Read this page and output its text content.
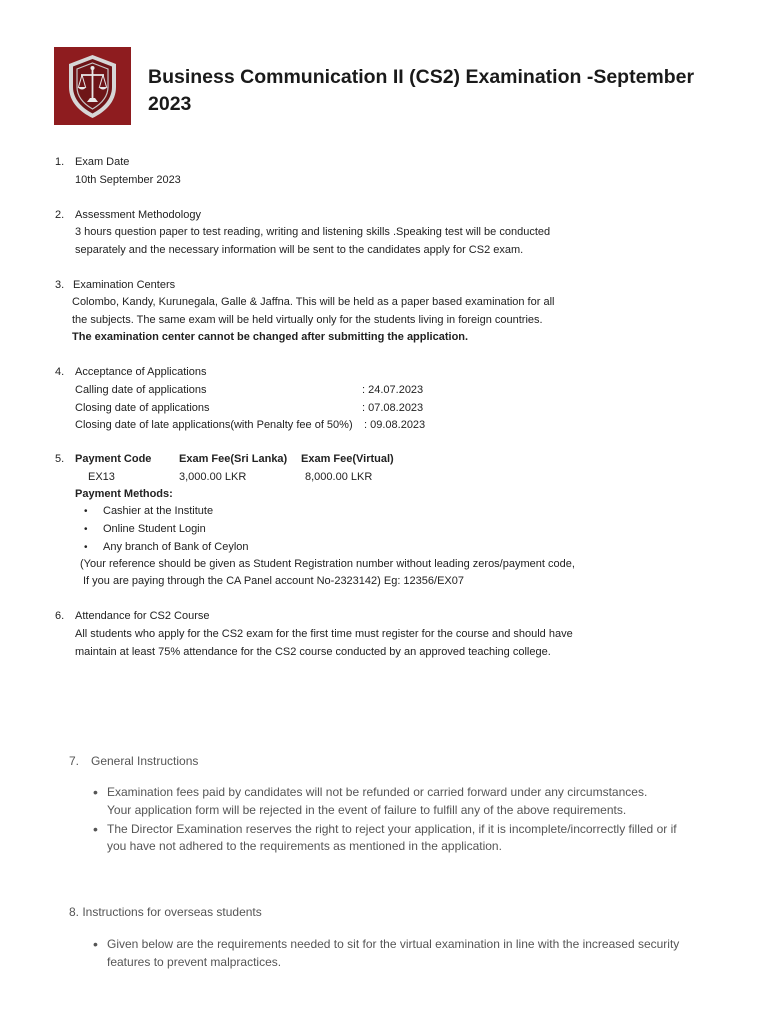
Business Communication II (CS2) Examination -September
2023
1. Exam Date
10th September 2023
2. Assessment Methodology
3 hours question paper to test reading, writing and listening skills .Speaking test will be conducted
separately and the necessary information will be sent to the candidates apply for CS2 exam.
3. Examination Centers
Colombo, Kandy, Kurunegala, Galle & Jaffna. This will be held as a paper based examination for all
the subjects. The same exam will be held virtually only for the students living in foreign countries.
The examination center cannot be changed after submitting the application.
4. Acceptance of Applications
Calling date of applications	: 24.07.2023
Closing date of applications	: 07.08.2023
Closing date of late applications(with Penalty fee of 50%) : 09.08.2023
5. Payment Code	Exam Fee(Sri Lanka) Exam Fee(Virtual)
EX13	3,000.00 LKR	8,000.00 LKR
Payment Methods:
• Cashier at the Institute
• Online Student Login
• Any branch of Bank of Ceylon
(Your reference should be given as Student Registration number without leading zeros/payment code,
If you are paying through the CA Panel account No-2323142) Eg: 12356/EX07
6. Attendance for CS2 Course
All students who apply for the CS2 exam for the first time must register for the course and should have
maintain at least 75% attendance for the CS2 course conducted by an approved teaching college.
7. General Instructions
• Examination fees paid by candidates will not be refunded or carried forward under any circumstances.
Your application form will be rejected in the event of failure to fulfill any of the above requirements.
• The Director Examination reserves the right to reject your application, if it is incomplete/incorrectly filled or if
you have not adhered to the requirements as mentioned in the application.
8. Instructions for overseas students
• Given below are the requirements needed to sit for the virtual examination in line with the increased security
features to prevent malpractices.
